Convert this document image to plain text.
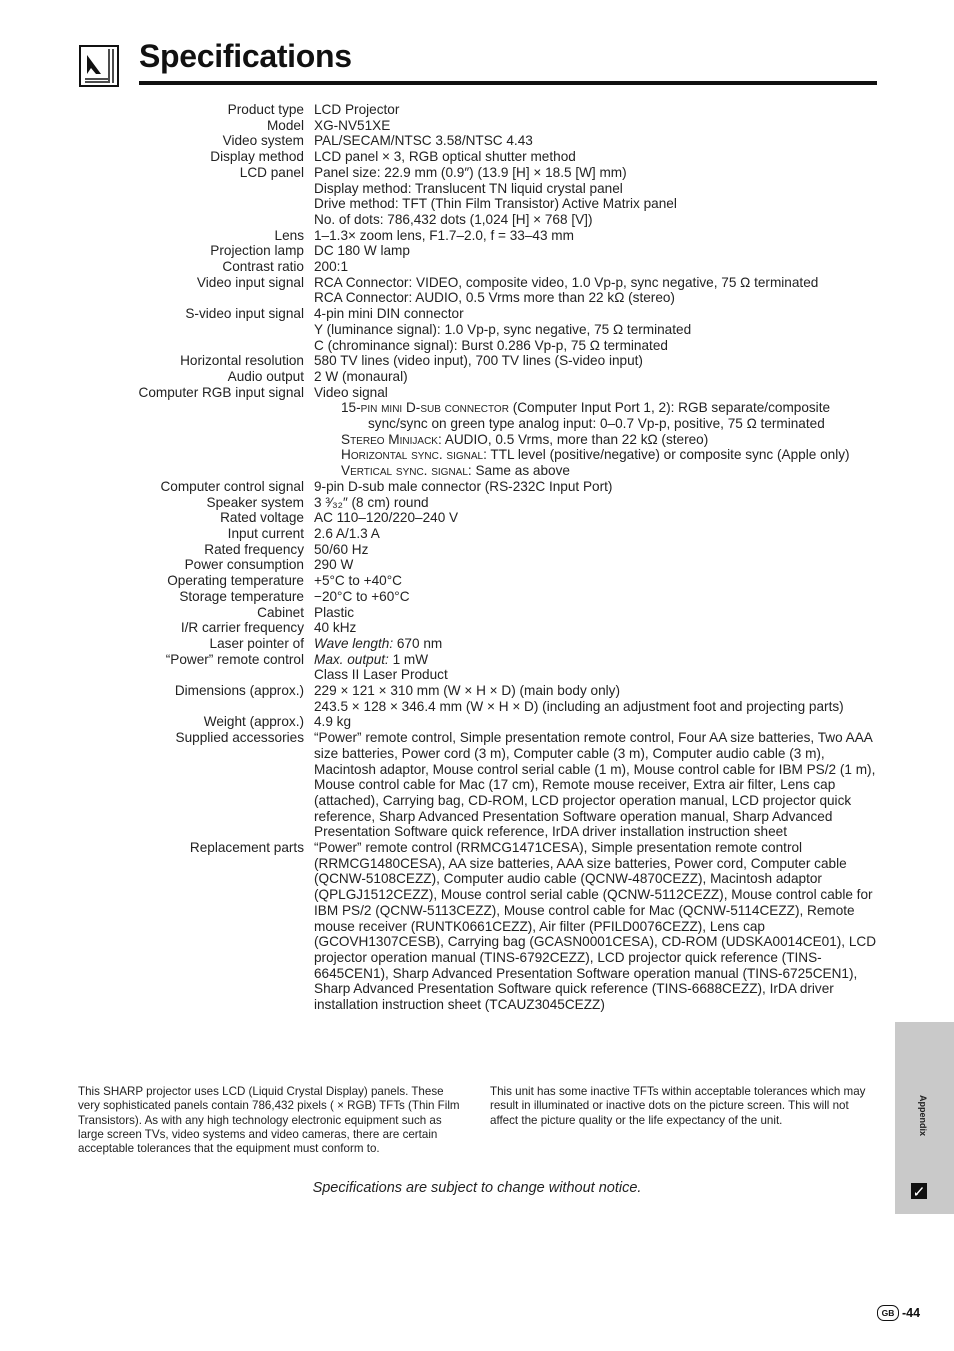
Specifications
Product type LCD Projector
Model XG-NV51XE
Video system PAL/SECAM/NTSC 3.58/NTSC 4.43
Display method LCD panel × 3, RGB optical shutter method
LCD panel Panel size: 22.9 mm (0.9″) (13.9 [H] × 18.5 [W] mm)
Display method: Translucent TN liquid crystal panel
Drive method: TFT (Thin Film Transistor) Active Matrix panel
No. of dots: 786,432 dots (1,024 [H] × 768 [V])
Lens 1–1.3× zoom lens, F1.7–2.0, f = 33–43 mm
Projection lamp DC 180 W lamp
Contrast ratio 200:1
Video input signal RCA Connector: VIDEO, composite video, 1.0 Vp-p, sync negative, 75 Ω terminated
RCA Connector: AUDIO, 0.5 Vrms more than 22 kΩ (stereo)
S-video input signal 4-pin mini DIN connector
Y (luminance signal): 1.0 Vp-p, sync negative, 75 Ω terminated
C (chrominance signal): Burst 0.286 Vp-p, 75 Ω terminated
Horizontal resolution 580 TV lines (video input), 700 TV lines (S-video input)
Audio output 2 W (monaural)
Computer RGB input signal Video signal
15-pin mini D-sub connector (Computer Input Port 1, 2): RGB separate/composite
sync/sync on green type analog input: 0–0.7 Vp-p, positive, 75 Ω terminated
Stereo Minijack: AUDIO, 0.5 Vrms, more than 22 kΩ (stereo)
Horizontal sync. signal: TTL level (positive/negative) or composite sync (Apple only)
Vertical sync. signal: Same as above
Computer control signal 9-pin D-sub male connector (RS-232C Input Port)
Speaker system 3 ³⁄₃₂″ (8 cm) round
Rated voltage AC 110–120/220–240 V
Input current 2.6 A/1.3 A
Rated frequency 50/60 Hz
Power consumption 290 W
Operating temperature +5°C to +40°C
Storage temperature −20°C to +60°C
Cabinet Plastic
I/R carrier frequency 40 kHz
Laser pointer of
“Power” remote control
Wave length: 670 nm
Max. output: 1 mW
Class II Laser Product
Dimensions (approx.) 229 × 121 × 310 mm (W × H × D) (main body only)
243.5 × 128 × 346.4 mm (W × H × D) (including an adjustment foot and projecting parts)
Weight (approx.) 4.9 kg
Supplied accessories “Power” remote control, Simple presentation remote control, Four AA size batteries, Two AAA size batteries, Power cord (3 m), Computer cable (3 m), Computer audio cable (3 m), Macintosh adaptor, Mouse control serial cable (1 m), Mouse control cable for IBM PS/2 (1 m), Mouse control cable for Mac (17 cm), Remote mouse receiver, Extra air filter, Lens cap (attached), Carrying bag, CD-ROM, LCD projector operation manual, LCD projector quick reference, Sharp Advanced Presentation Software operation manual, Sharp Advanced Presentation Software quick reference, IrDA driver installation instruction sheet
Replacement parts “Power” remote control (RRMCG1471CESA), Simple presentation remote control (RRMCG1480CESA), AA size batteries, AAA size batteries, Power cord, Computer cable (QCNW-5108CEZZ), Computer audio cable (QCNW-4870CEZZ), Macintosh adaptor (QPLGJ1512CEZZ), Mouse control serial cable (QCNW-5112CEZZ), Mouse control cable for IBM PS/2 (QCNW-5113CEZZ), Mouse control cable for Mac (QCNW-5114CEZZ), Remote mouse receiver (RUNTK0661CEZZ), Air filter (PFILD0076CEZZ), Lens cap (GCOVH1307CESB), Carrying bag (GCASN0001CESA), CD-ROM (UDSKA0014CE01), LCD projector operation manual (TINS-6792CEZZ), LCD projector quick reference (TINS-6645CEN1), Sharp Advanced Presentation Software operation manual (TINS-6725CEN1), Sharp Advanced Presentation Software quick reference (TINS-6688CEZZ), IrDA driver installation instruction sheet (TCAUZ3045CEZZ)
This SHARP projector uses LCD (Liquid Crystal Display) panels. These very sophisticated panels contain 786,432 pixels ( × RGB) TFTs (Thin Film Transistors). As with any high technology electronic equipment such as large screen TVs, video systems and video cameras, there are certain acceptable tolerances that the equipment must conform to.
This unit has some inactive TFTs within acceptable tolerances which may result in illuminated or inactive dots on the picture screen. This will not affect the picture quality or the life expectancy of the unit.
Specifications are subject to change without notice.
Appendix
GB -44
